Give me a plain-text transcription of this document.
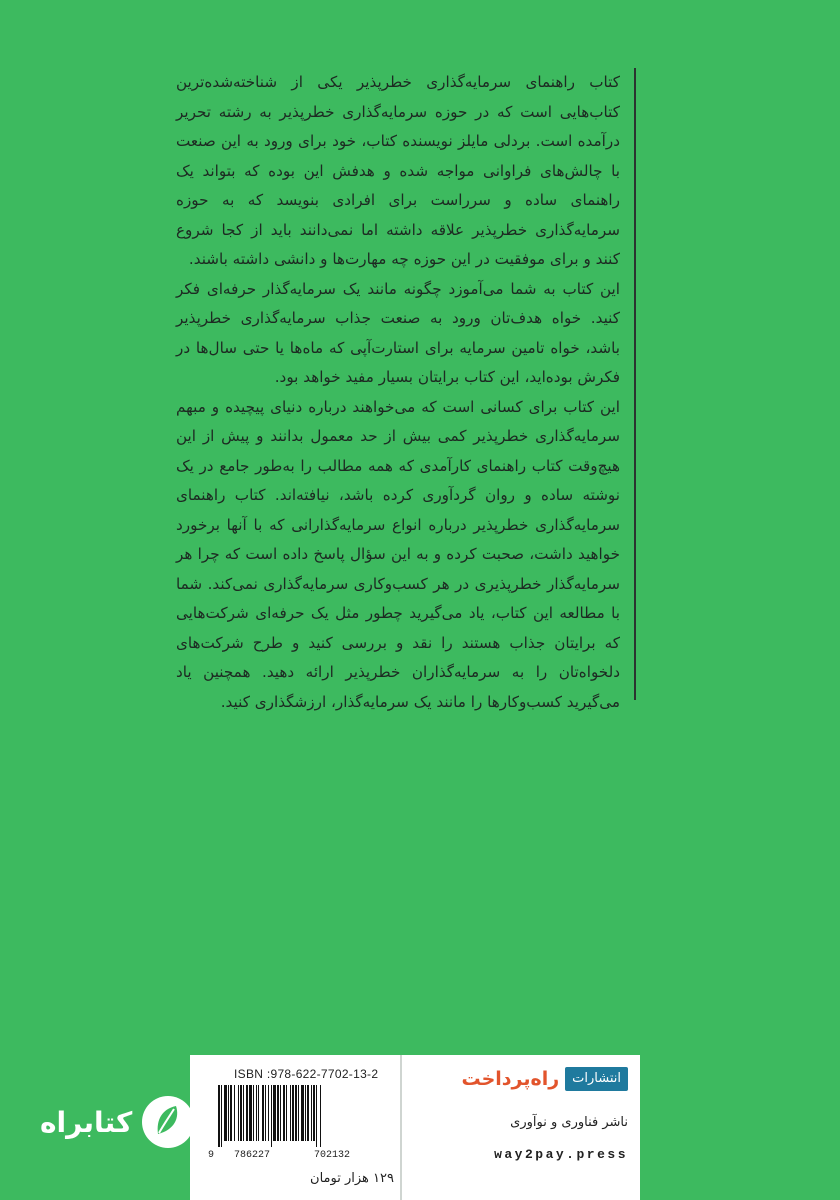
کتاب راهنمای سرمایه‌گذاری خطرپذیر یکی از شناخته‌شده‌ترین کتاب‌هایی است که در حوزه سرمایه‌گذاری خطرپذیر به رشته تحریر درآمده است. بردلی مایلز نویسنده کتاب، خود برای ورود به این صنعت با چالش‌های فراوانی مواجه شده و هدفش این بوده که بتواند یک راهنمای ساده و سرراست برای افرادی بنویسد که به حوزه سرمایه‌گذاری خطرپذیر علاقه داشته اما نمی‌دانند باید از کجا شروع کنند و برای موفقیت در این حوزه چه مهارت‌ها و دانشی داشته باشند.

این کتاب به شما می‌آموزد چگونه مانند یک سرمایه‌گذار حرفه‌ای فکر کنید. خواه هدف‌تان ورود به صنعت جذاب سرمایه‌گذاری خطرپذیر باشد، خواه تامین سرمایه برای استارت‌آپی که ماه‌ها یا حتی سال‌ها در فکرش بوده‌اید، این کتاب برایتان بسیار مفید خواهد بود.

این کتاب برای کسانی است که می‌خواهند درباره دنیای پیچیده و مبهم سرمایه‌گذاری خطرپذیر کمی بیش از حد معمول بدانند و پیش از این هیچ‌وقت کتاب راهنمای کارآمدی که همه مطالب را به‌طور جامع در یک نوشته ساده و روان گردآوری کرده باشد، نیافته‌اند. کتاب راهنمای سرمایه‌گذاری خطرپذیر درباره انواع سرمایه‌گذارانی که با آنها برخورد خواهید داشت، صحبت کرده و به این سؤال پاسخ داده است که چرا هر سرمایه‌گذار خطرپذیری در هر کسب‌وکاری سرمایه‌گذاری نمی‌کند. شما با مطالعه این کتاب، یاد می‌گیرید چطور مثل یک حرفه‌ای شرکت‌هایی که برایتان جذاب هستند را نقد و بررسی کنید و طرح شرکت‌های دلخواه‌تان را به سرمایه‌گذاران خطرپذیر ارائه دهید. همچنین یاد می‌گیرید کسب‌وکارها را مانند یک سرمایه‌گذار، ارزشگذاری کنید.

ISBN :978-622-7702-13-2
9 786227	702132
۱۲۹ هزار تومان
انتشارات
راه‌پرداخت
ناشر فناوری و نوآوری
way2pay.press
کتابراه
